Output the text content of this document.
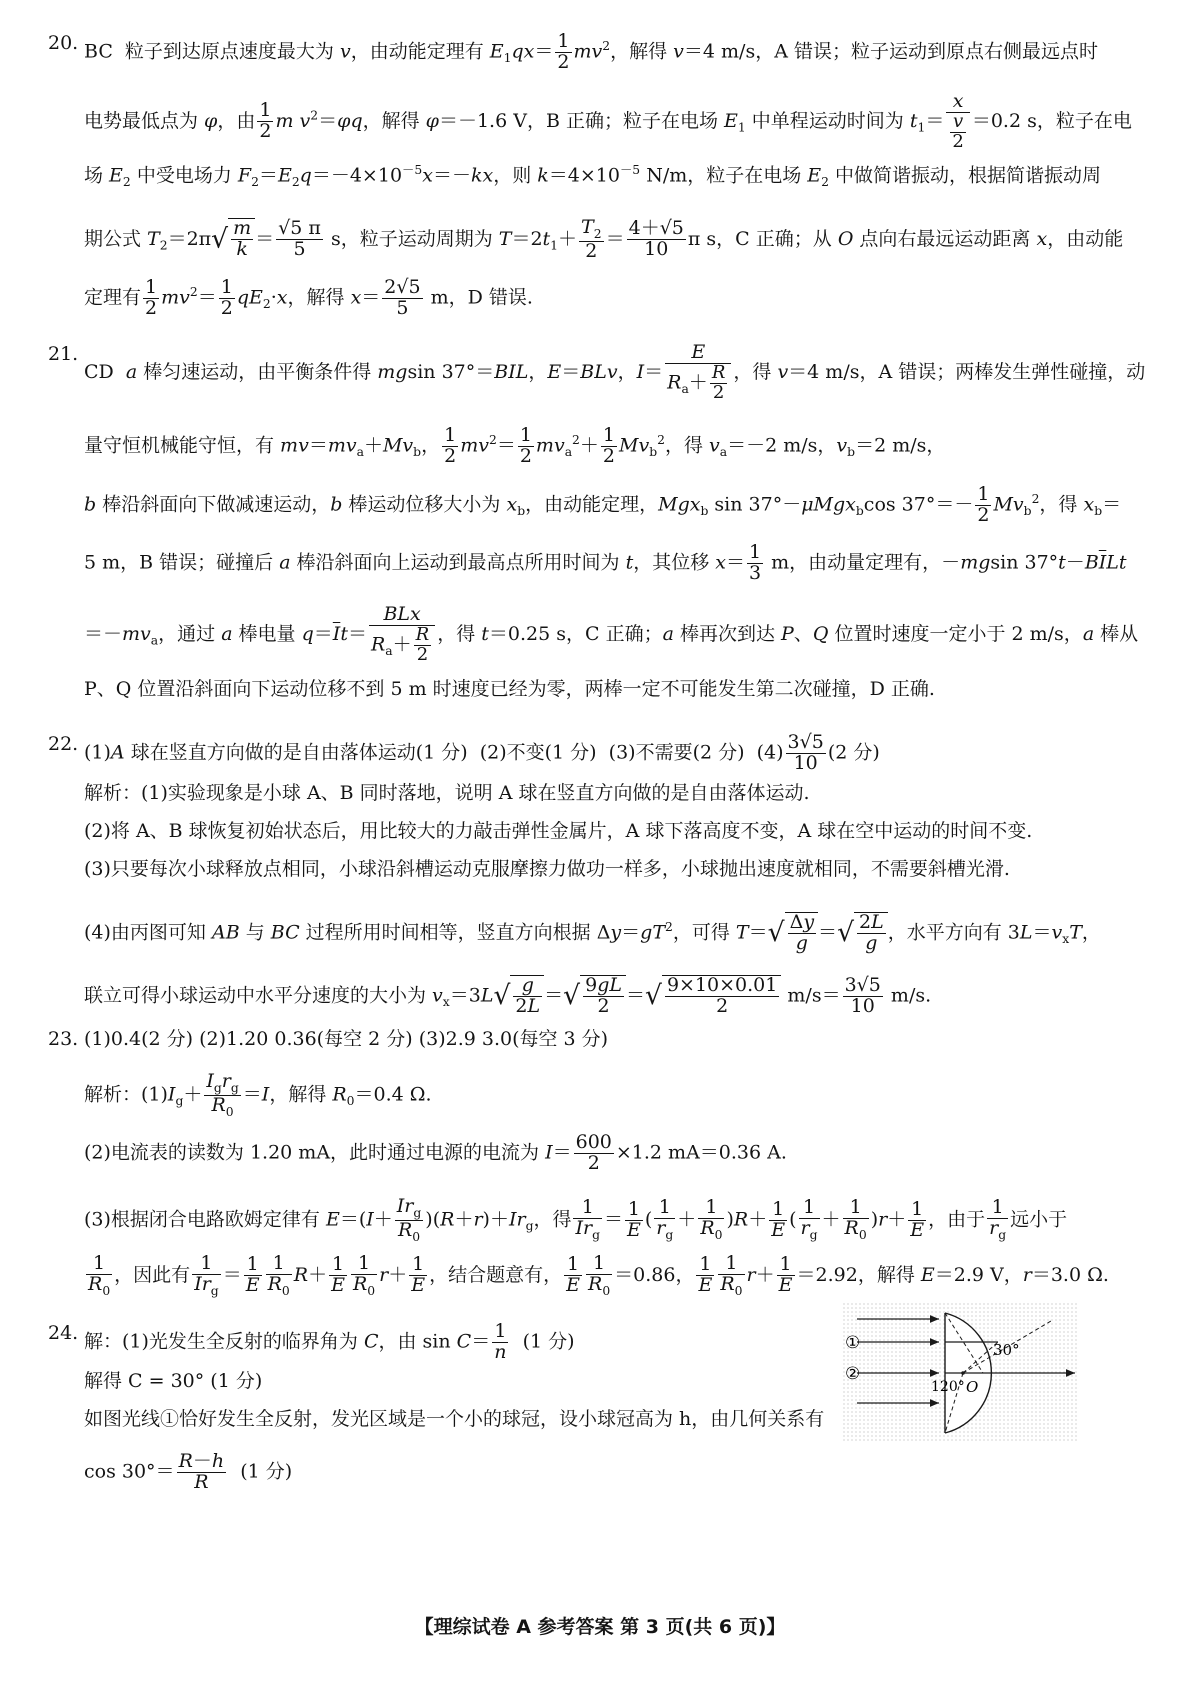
20. BC  粒子到达原点速度最大为 v，由动能定理有 $E_1qx= \frac{1}{2} mv^2$，解得 v＝4 m/s，A 错误；粒子运动到原点右侧最远点时
电势最低点为 φ，由 $\frac{1}{2}$ m $v^2=\varphi q$，解得 φ＝－1.6 V，B 正确；粒子在电场 $E_1$ 中单程运动时间为 $t_1= \frac{x}{\frac{v}{2}} =0.2$ s，粒子在电
场 $E_2$ 中受电场力 $F_2=E_2q=-4\times 10^{-5}x=-kx$，则 $k=4\times 10^{-5}$ N/m，粒子在电场 $E_2$ 中做简谐振动，根据简谐振动周
期公式 $T_2=2\pi√ \frac{m}{k} = \frac{√5 \pi}{5}$ s，粒子运动周期为 $T=2t_1+ \frac{T_2}{2} = \frac{4+√5}{10}$ π s，C 正确；从 O 点向右最远运动距离 x，由动能
定理有 $\frac{1}{2} mv^2= \frac{1}{2} qE_2\cdot x$，解得 $x= \frac{2√5}{5}$ m，D 错误.
21.
CD  a 棒匀速运动，由平衡条件得 mgsin 37°＝BIL，E＝BLv，$I= \frac{E}{R_a+ \frac{R}{2}}$ ，得 v＝4 m/s，A 错误；两棒发生弹性碰撞，动
量守恒机械能守恒，有 $mv=mv_a+Mv_b$， $\frac{1}{2} mv^2= \frac{1}{2} mv_a^2+ \frac{1}{2} Mv_b^2$，得 $v_a=-2$ m/s，$v_b=2$ m/s，
b 棒沿斜面向下做减速运动，b 棒运动位移大小为 $x_b$，由动能定理，Mgx$_b$ sin 37°－μMgx$_b$cos $37^\circ=- \frac{1}{2} Mv_b^2$，得 $x_b=$
5 m，B 错误；碰撞后 a 棒沿斜面向上运动到最高点所用时间为 t，其位移 $x= \frac{1}{3}$ m，由动量定理有，－mgsin $37^\circ t-B\overline{I}Lt$
$=-mv_a$，通过 a 棒电量 $q=\overline{I}t=$
BLx
$R_a+ \frac{R}{2}$ ，得 t＝0.25 s，C 正确；a 棒再次到达 P、Q 位置时速度一定小于 2 m/s，a 棒从
P、Q 位置沿斜面向下运动位移不到 5 m 时速度已经为零，两棒一定不可能发生第二次碰撞，D 正确.
22. (1)A 球在竖直方向做的是自由落体运动(1 分)  (2)不变(1 分)  (3)不需要(2 分)  $(4) \frac{3√5}{10} (2$ 分)
解析：(1)实验现象是小球 A、B 同时落地，说明 A 球在竖直方向做的是自由落体运动.
(2)将 A、B 球恢复初始状态后，用比较大的力敲击弹性金属片，A 球下落高度不变，A 球在空中运动的时间不变.
(3)只要每次小球释放点相同，小球沿斜槽运动克服摩擦力做功一样多，小球抛出速度就相同，不需要斜槽光滑.
(4)由丙图可知 AB 与 BC 过程所用时间相等，竖直方向根据 $\Delta y=gT^2$，可得 $T=√ \frac{\Delta y}{g}$ ＝√ $\frac{2L}{g}$ ，水平方向有 $3L=v_xT$，
联立可得小球运动中水平分速度的大小为 $v_x=3L√ \frac{g}{2L}$ ＝√ $\frac{9gL}{2}$ ＝√ $\frac{9\times 10\times 0.01}{2} m/s= \frac{3√5}{10} m/s$.
23. (1)0.4(2 分) (2)1.20 0.36(每空 2 分) (3)2.9 3.0(每空 3 分)
解析：$(1)I_g+$
$I_gr_g$
$R_0$
＝I，解得 $R_0=0.4$ Ω.
(2)电流表的读数为 1.20 mA，此时通过电源的电流为 $I= \frac{600}{2} \times 1.2$ mA＝0.36 A.
(3)根据闭合电路欧姆定律有 E＝(I＋
$Ir_g$
$R_0$
)$(R+r)+Ir_g$，得
1
$Ir_g$
＝ $\frac{1}{E}$ ( $\frac{1}{r_g} + \frac{1}{R_0} )R+ \frac{1}{E}$ ( $\frac{1}{r_g} + \frac{1}{R_0} )r+ \frac{1}{E}$ ，由于 $\frac{1}{r_g}$ 远小于
$\frac{1}{R_0}$ ，因此有
1
$Ir_g$
＝ $\frac{1}{E} \frac{1}{R_0} R+ \frac{1}{E} \frac{1}{R_0} r+ \frac{1}{E}$ ，结合题意有， $\frac{1}{E} \frac{1}{R_0} =0.86$， $\frac{1}{E} \frac{1}{R_0} r+ \frac{1}{E} =2.92$，解得 E＝2.9 V，r＝3.0 Ω.
24. 解：(1)光发生全反射的临界角为 C，由 $\sin C= \frac{1}{n} (1$ 分)
解得 C = 30° (1 分)
如图光线①恰好发生全反射，发光区域是一个小的球冠，设小球冠高为 h，由几何关系有
$\cos 30^\circ= \frac{R-h}{R} (1$ 分)
①
②
30°
120° O
【理综试卷 A 参考答案 第 3 页(共 6 页)】
